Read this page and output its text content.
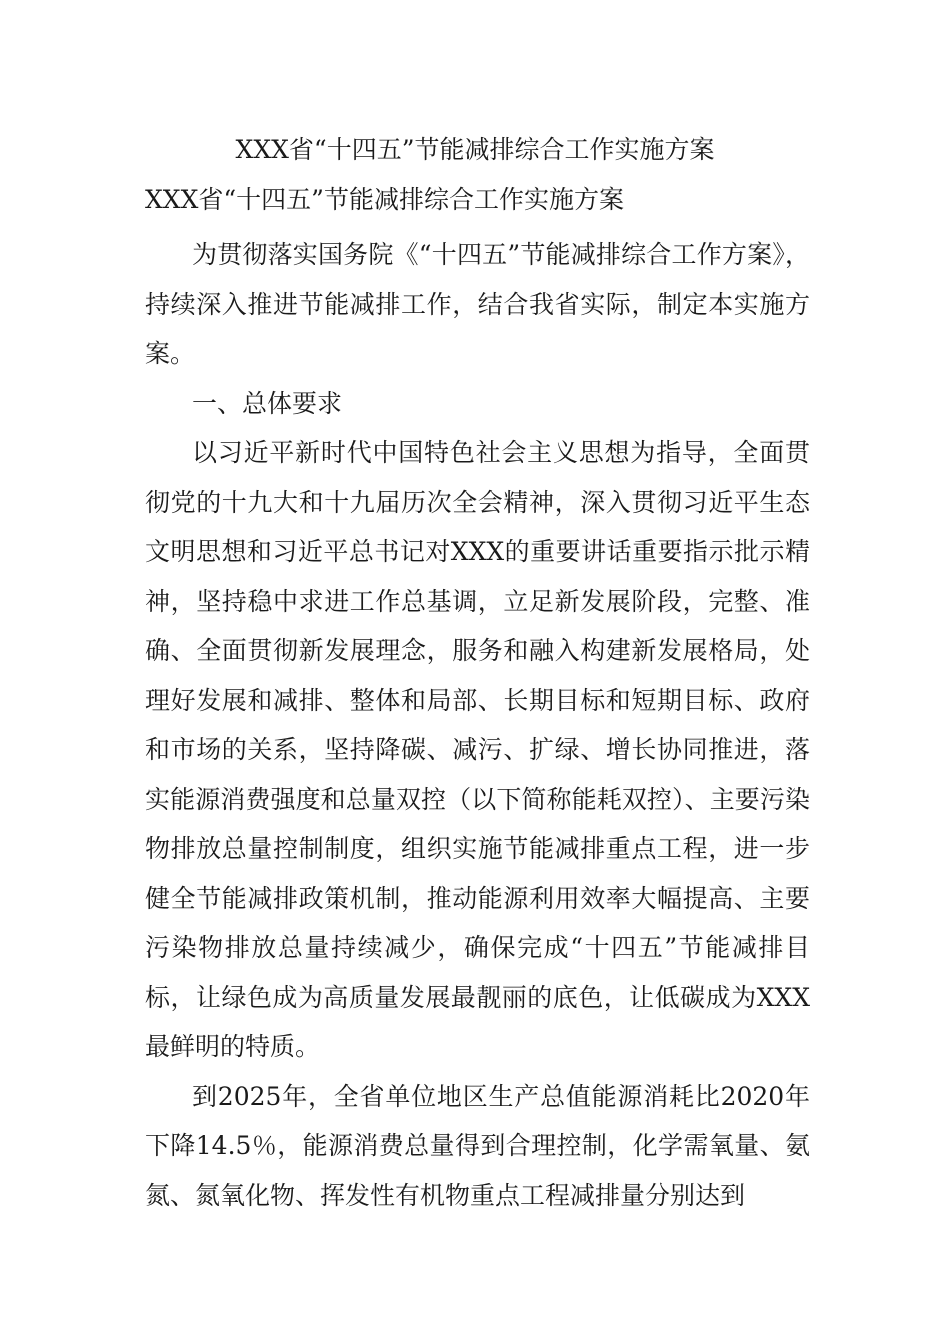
XXX省“十四五”节能减排综合工作实施方案
XXX省“十四五”节能减排综合工作实施方案

为贯彻落实国务院《“十四五”节能减排综合工作方案》，持续深入推进节能减排工作，结合我省实际，制定本实施方案。

一、总体要求

以习近平新时代中国特色社会主义思想为指导，全面贯彻党的十九大和十九届历次全会精神，深入贯彻习近平生态文明思想和习近平总书记对XXX的重要讲话重要指示批示精神，坚持稳中求进工作总基调，立足新发展阶段，完整、准确、全面贯彻新发展理念，服务和融入构建新发展格局，处理好发展和减排、整体和局部、长期目标和短期目标、政府和市场的关系，坚持降碳、减污、扩绿、增长协同推进，落实能源消费强度和总量双控（以下简称能耗双控）、主要污染物排放总量控制制度，组织实施节能减排重点工程，进一步健全节能减排政策机制，推动能源利用效率大幅提高、主要污染物排放总量持续减少，确保完成“十四五”节能减排目标，让绿色成为高质量发展最靓丽的底色，让低碳成为XXX最鲜明的特质。

到2025年，全省单位地区生产总值能源消耗比2020年下降14.5％，能源消费总量得到合理控制，化学需氧量、氨氮、氮氧化物、挥发性有机物重点工程减排量分别达到
